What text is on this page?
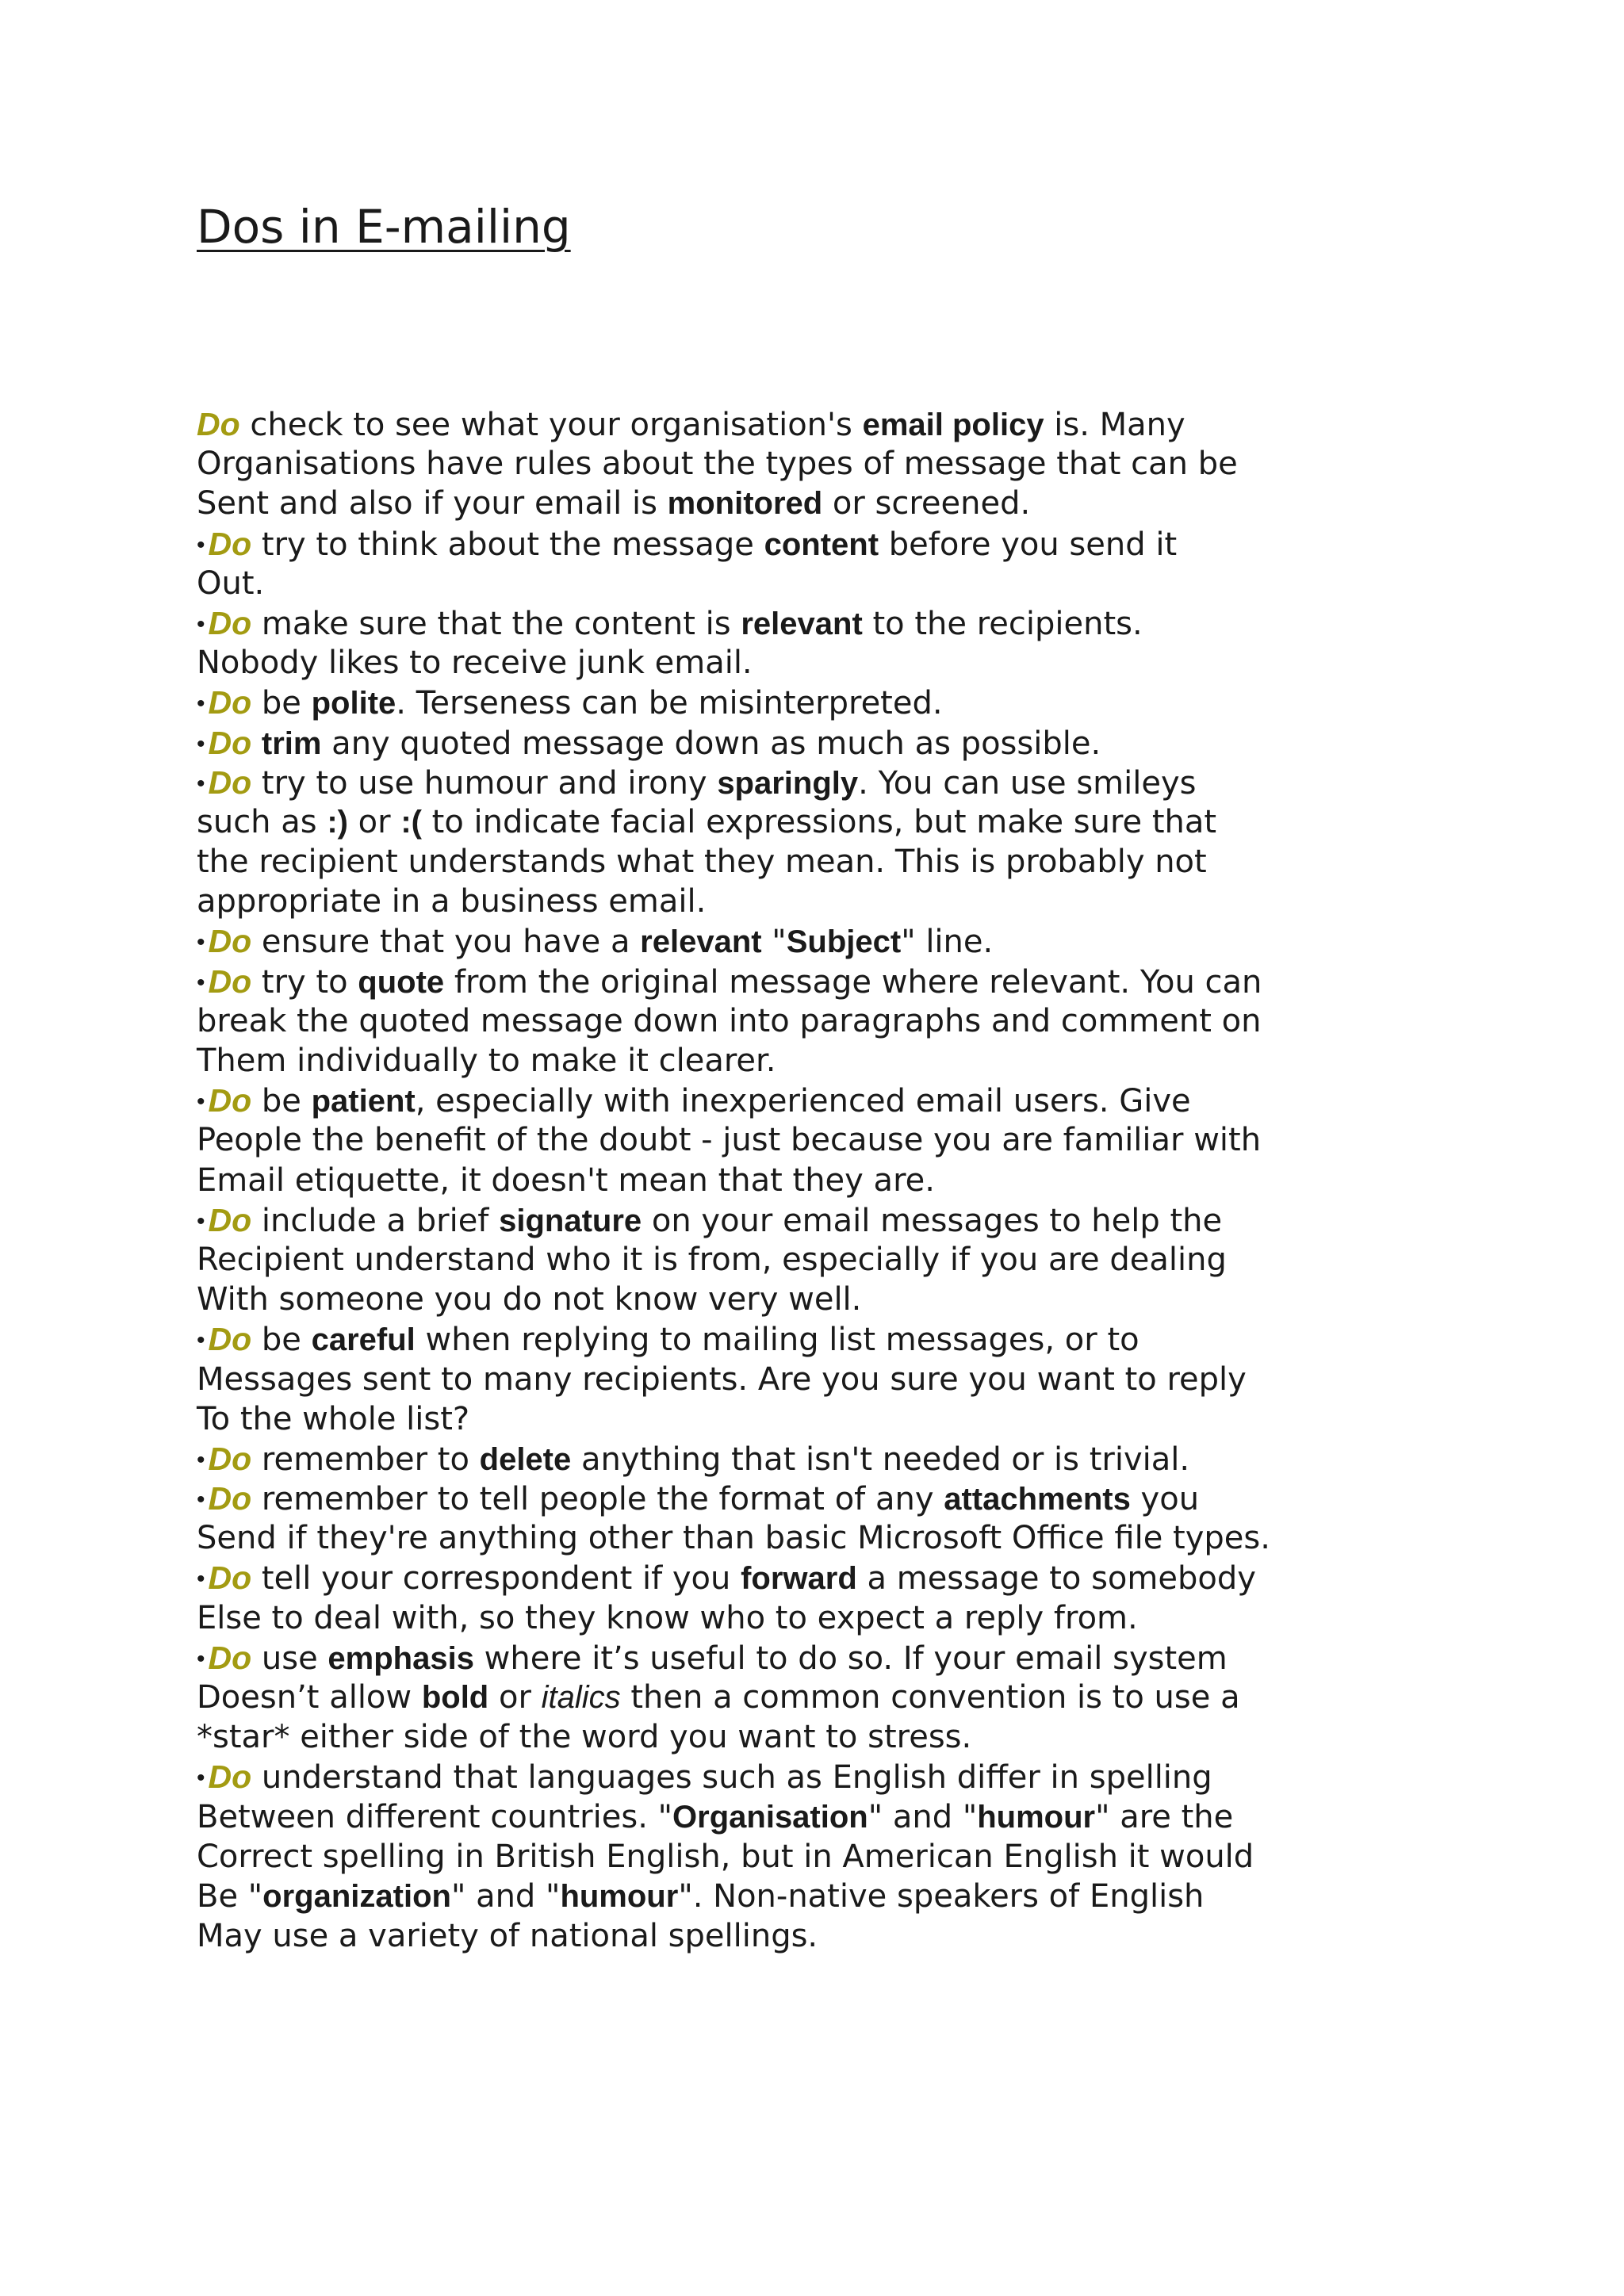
Dos in E-mailing
Do check to see what your organisation's email policy is. Many
Organisations have rules about the types of message that can be
Sent and also if your email is monitored or screened.
•Do try to think about the message content before you send it
Out.
•Do make sure that the content is relevant to the recipients.
Nobody likes to receive junk email.
•Do be polite. Terseness can be misinterpreted.
•Do trim any quoted message down as much as possible.
•Do try to use humour and irony sparingly. You can use smileys
such as :) or :( to indicate facial expressions, but make sure that
the recipient understands what they mean. This is probably not
appropriate in a business email.
•Do ensure that you have a relevant "Subject" line.
•Do try to quote from the original message where relevant. You can
break the quoted message down into paragraphs and comment on
Them individually to make it clearer.
•Do be patient, especially with inexperienced email users. Give
People the benefit of the doubt - just because you are familiar with
Email etiquette, it doesn't mean that they are.
•Do include a brief signature on your email messages to help the
Recipient understand who it is from, especially if you are dealing
With someone you do not know very well.
•Do be careful when replying to mailing list messages, or to
Messages sent to many recipients. Are you sure you want to reply
To the whole list?
•Do remember to delete anything that isn't needed or is trivial.
•Do remember to tell people the format of any attachments you
Send if they're anything other than basic Microsoft Office file types.
•Do tell your correspondent if you forward a message to somebody
Else to deal with, so they know who to expect a reply from.
•Do use emphasis where it’s useful to do so. If your email system
Doesn’t allow bold or italics then a common convention is to use a
*star* either side of the word you want to stress.
•Do understand that languages such as English differ in spelling
Between different countries. "Organisation" and "humour" are the
Correct spelling in British English, but in American English it would
Be "organization" and "humour". Non-native speakers of English
May use a variety of national spellings.
